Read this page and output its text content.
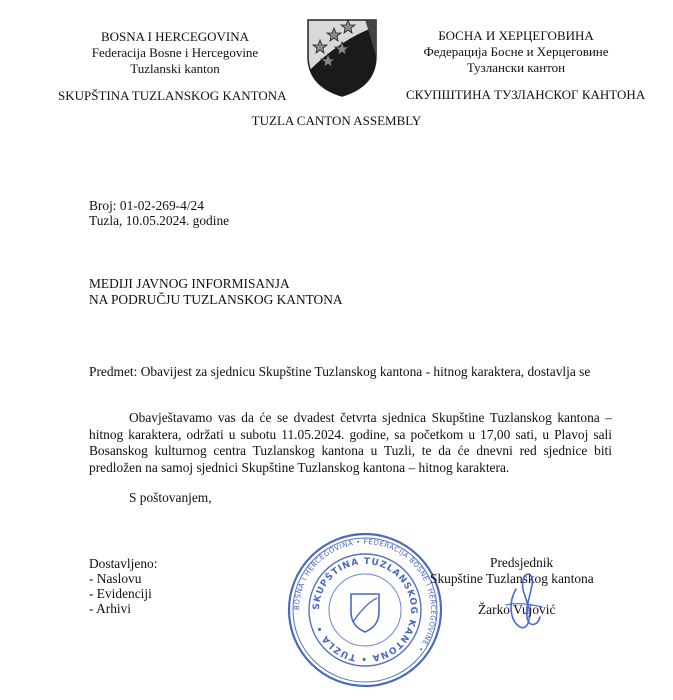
BOSNA I HERCEGOVINA
Federacija Bosne i Hercegovine
Tuzlanski kanton
БОСНА И ХЕРЦЕГОВИНА
Федерација Босне и Херцеговине
Тузлански кантон
SKUPŠTINA TUZLANSKOG KANTONA	СКУПШТИНА ТУЗЛАНСКОГ КАНТОНА
TUZLA CANTON ASSEMBLY
Broj: 01-02-269-4/24
Tuzla, 10.05.2024. godine
MEDIJI JAVNOG INFORMISANJA
NA PODRUČJU TUZLANSKOG KANTONA
Predmet: Obavijest za sjednicu Skupštine Tuzlanskog kantona - hitnog karaktera, dostavlja se
Obavještavamo vas da će se dvadest četvrta sjednica Skupštine Tuzlanskog kantona – hitnog karaktera, održati u subotu 11.05.2024. godine, sa početkom u 17,00 sati, u Plavoj sali Bosanskog kulturnog centra Tuzlanskog kantona u Tuzli, te da će dnevni red sjednice biti predložen na samoj sjednici Skupštine Tuzlanskog kantona – hitnog karaktera.
S poštovanjem,
Dostavljeno:
- Naslovu
- Evidenciji
- Arhivi	BOSNA I HERCEGOVINA • FEDERACIJA BOSNE I HERCEGOVINE •
SKUPŠTINA TUZLANSKOG KANTONA • TUZLA •
Predsjednik
Skupštine Tuzlanskog kantona
Žarko Vujović
